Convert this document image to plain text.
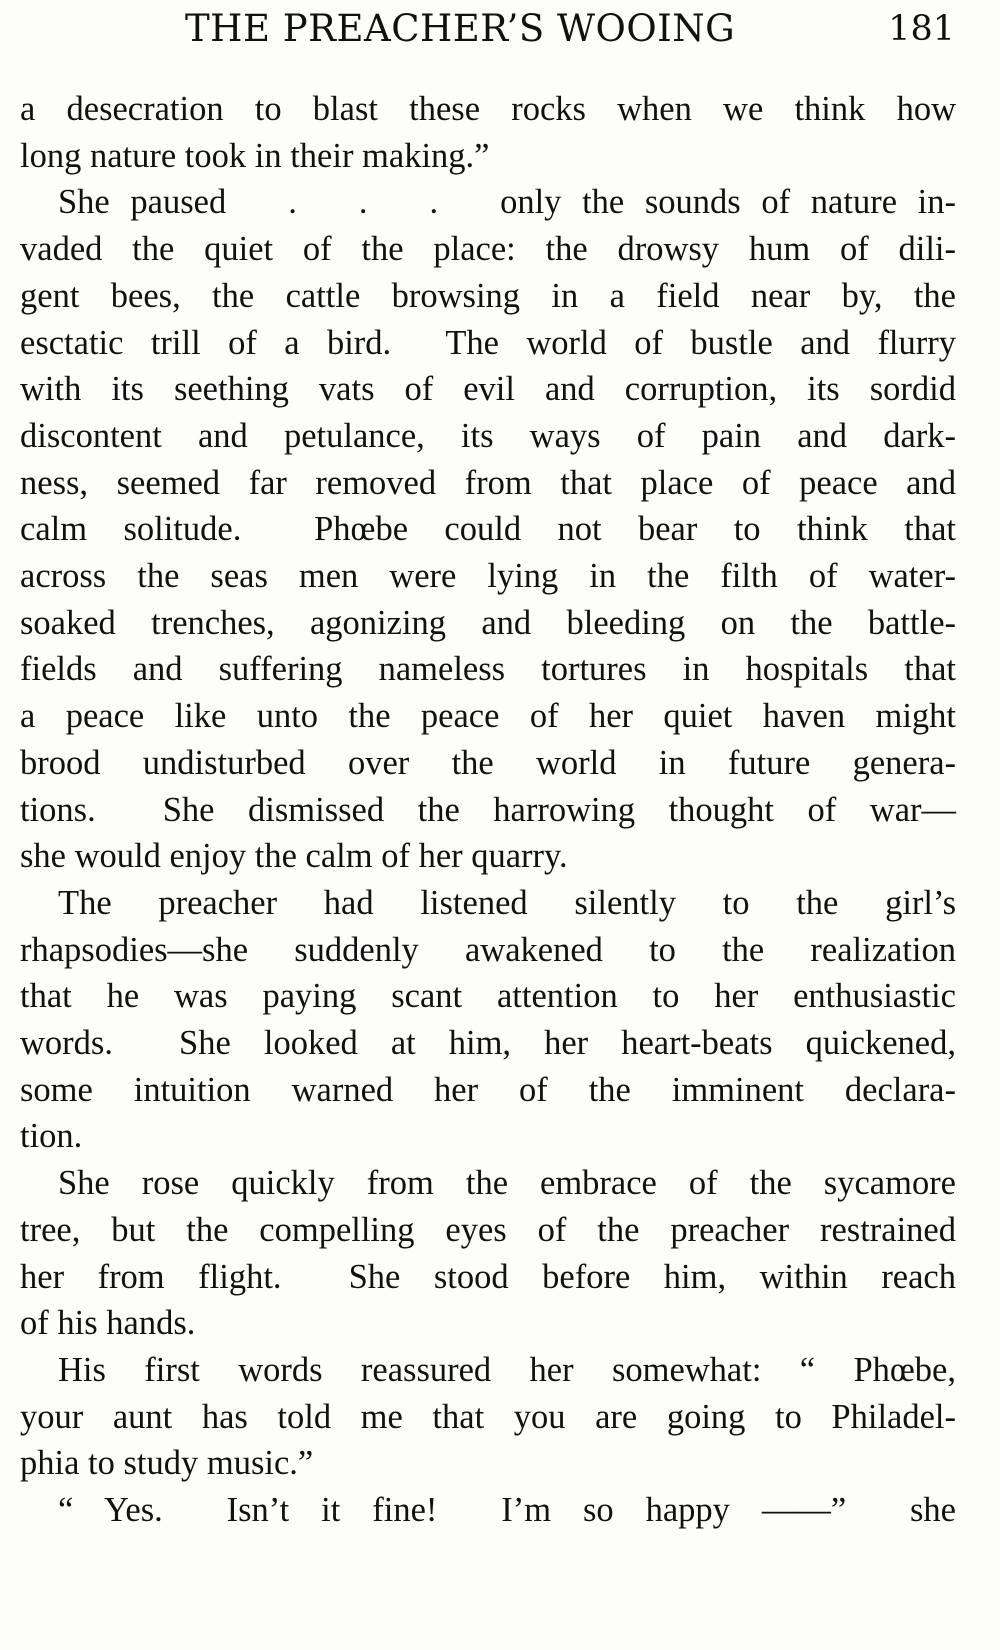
THE PREACHER’S WOOING	181

a desecration to blast these rocks when we think how
long nature took in their making.”

She paused   .   .   .   only the sounds of nature in-
vaded the quiet of the place: the drowsy hum of dili-
gent bees, the cattle browsing in a field near by, the
esctatic trill of a bird.  The world of bustle and flurry
with its seething vats of evil and corruption, its sordid
discontent and petulance, its ways of pain and dark-
ness, seemed far removed from that place of peace and
calm solitude.  Phœbe could not bear to think that
across the seas men were lying in the filth of water-
soaked trenches, agonizing and bleeding on the battle-
fields and suffering nameless tortures in hospitals that
a peace like unto the peace of her quiet haven might
brood undisturbed over the world in future genera-
tions.  She dismissed the harrowing thought of war—
she would enjoy the calm of her quarry.

The preacher had listened silently to the girl’s
rhapsodies—she suddenly awakened to the realization
that he was paying scant attention to her enthusiastic
words.  She looked at him, her heart-beats quickened,
some intuition warned her of the imminent declara-
tion.

She rose quickly from the embrace of the sycamore
tree, but the compelling eyes of the preacher restrained
her from flight.  She stood before him, within reach
of his hands.

His first words reassured her somewhat: “ Phœbe,
your aunt has told me that you are going to Philadel-
phia to study music.”

“ Yes.  Isn’t it fine!  I’m so happy ——”  she
